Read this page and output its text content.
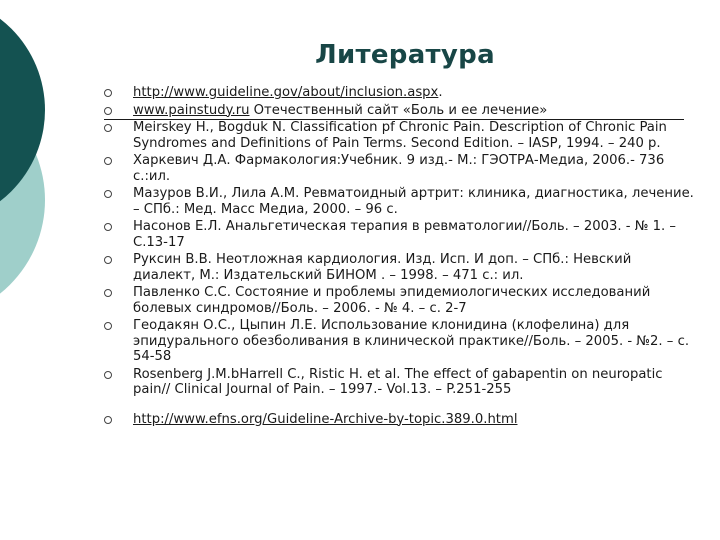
Литература
http://www.guideline.gov/about/inclusion.aspx.
www.painstudy.ru Отечественный сайт «Боль и ее лечение»
Meirskey H., Bogduk N. Classification pf Chronic Pain. Description of Chronic Pain Syndromes and Definitions of Pain Terms. Second Edition. – IASP, 1994. – 240 р.
Харкевич Д.А. Фармакология:Учебник. 9 изд.- М.: ГЭОТРА-Медиа, 2006.- 736 с.:ил.
Мазуров В.И., Лила А.М. Ревматоидный артрит: клиника, диагностика, лечение. – СПб.: Мед. Масс Медиа, 2000. – 96 с.
Насонов Е.Л. Анальгетическая терапия в ревматологии//Боль. – 2003. - № 1. – С.13-17
Руксин В.В. Неотложная кардиология. Изд. Исп. И доп. – СПб.: Невский диалект, М.: Издательский БИНОМ . – 1998. – 471 с.: ил.
Павленко С.С. Состояние и проблемы эпидемиологических исследований болевых синдромов//Боль. – 2006. - № 4. – с. 2-7
Геодакян О.С., Цыпин Л.Е. Использование клонидина (клофелина) для эпидурального обезболивания в клинической практике//Боль. – 2005. - №2. – с. 54-58
Rosenberg J.M.bHarrell C., Ristic H. et al. The effect of gabapentin on neuropatic pain// Clinical Journal of Pain. – 1997.- Vol.13. – P.251-255
http://www.efns.org/Guideline-Archive-by-topic.389.0.html
